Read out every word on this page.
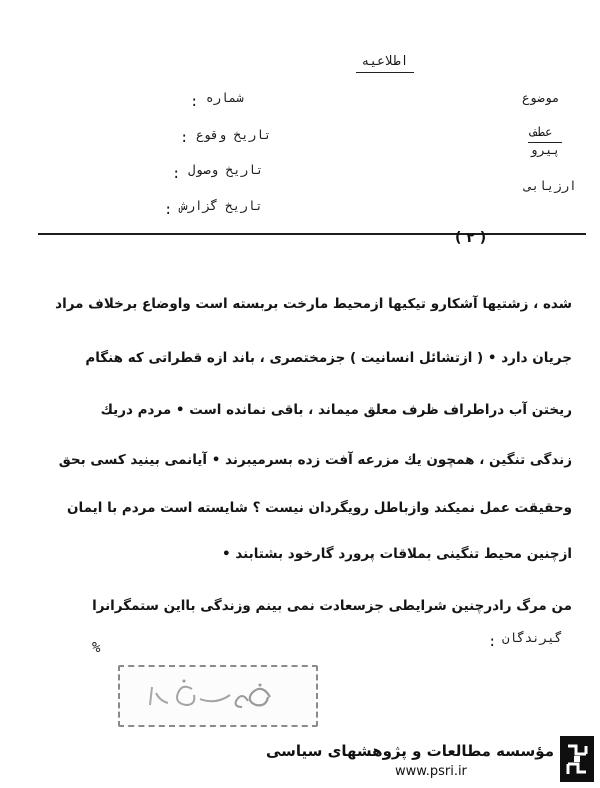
اطلاعیه
موضوع
عطف
پیرو
ارزیابی
شماره
:
تاریخ وقوع
:
تاریخ وصول
:
تاریخ گزارش
:
( ۲ )
شده ، زشتیها آشکارو تیکیها ازمحیط مارخت بربسته است واوضاع برخلاف مراد
جریان دارد • ( ازتشائل انسانیت ) جزمختصری ، باند ازه قطراتی که هنگام
ریختن آب دراطراف ظرف معلق میماند ، باقی نمانده است • مردم دریك
زندگی تنگین ، همچون یك مزرعه آفت زده بسرمیبرند • آیانمی بینید کسی بحق
وحقیقت عمل نمیکند وازباطل رویگردان نیست ؟ شایسته است مردم با ایمان
ازچنین محیط تنگینی بملاقات پرورد گارخود بشتابند •
من مرگ رادرچنین شرایطی جزسعادت نمی بینم وزندگی بااین ستمگرانرا
گیرندگان
:
%
مؤسسه مطالعات و پژوهشهای سیاسی
www.psri.ir
